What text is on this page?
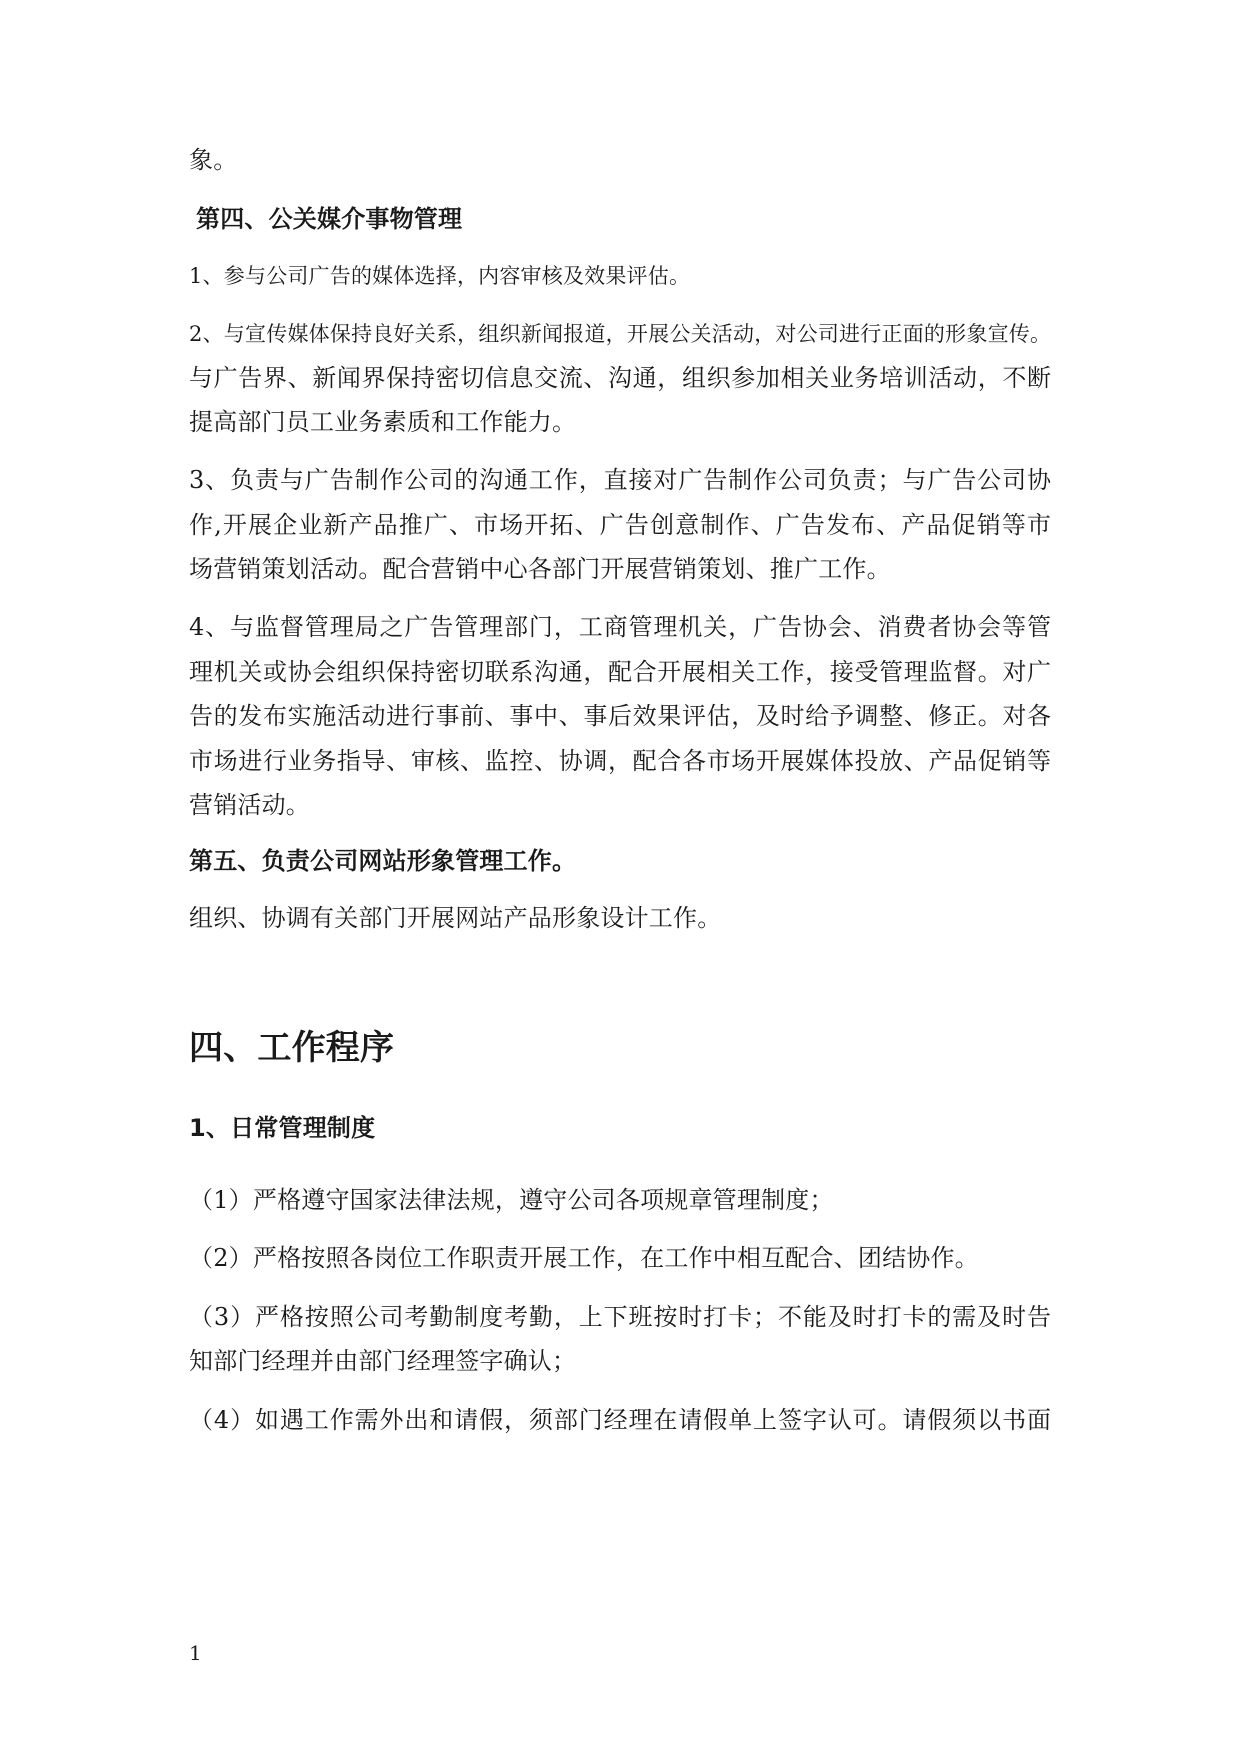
象。
第四、公关媒介事物管理
1、参与公司广告的媒体选择，内容审核及效果评估。
2、与宣传媒体保持良好关系，组织新闻报道，开展公关活动，对公司进行正面的形象宣传。
与广告界、新闻界保持密切信息交流、沟通，组织参加相关业务培训活动，不断
提高部门员工业务素质和工作能力。
3、负责与广告制作公司的沟通工作，直接对广告制作公司负责；与广告公司协
作,开展企业新产品推广、市场开拓、广告创意制作、广告发布、产品促销等市
场营销策划活动。配合营销中心各部门开展营销策划、推广工作。
4、与监督管理局之广告管理部门，工商管理机关，广告协会、消费者协会等管
理机关或协会组织保持密切联系沟通，配合开展相关工作，接受管理监督。对广
告的发布实施活动进行事前、事中、事后效果评估，及时给予调整、修正。对各
市场进行业务指导、审核、监控、协调，配合各市场开展媒体投放、产品促销等
营销活动。
第五、负责公司网站形象管理工作。
组织、协调有关部门开展网站产品形象设计工作。
四、工作程序
1、日常管理制度
（1）严格遵守国家法律法规，遵守公司各项规章管理制度；
（2）严格按照各岗位工作职责开展工作，在工作中相互配合、团结协作。
（3）严格按照公司考勤制度考勤，上下班按时打卡；不能及时打卡的需及时告
知部门经理并由部门经理签字确认；
（4）如遇工作需外出和请假，须部门经理在请假单上签字认可。请假须以书面
1
